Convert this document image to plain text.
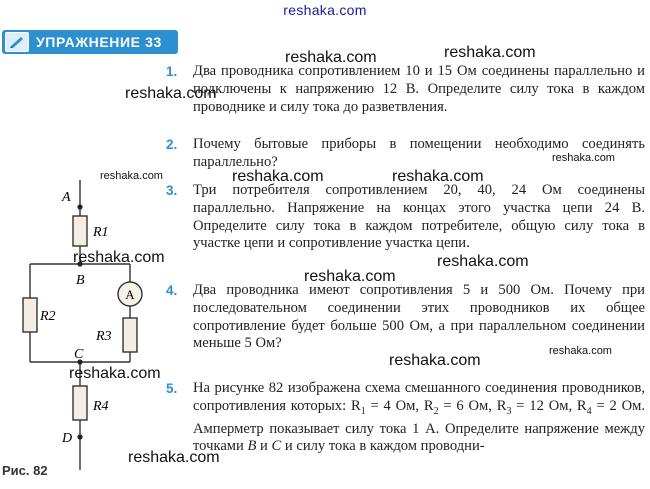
reshaka.com
УПРАЖНЕНИЕ 33
1. Два проводника сопротивлением 10 и 15 Ом соединены параллельно и подключены к напряжению 12 В. Определите силу тока в каждом проводнике и силу тока до разветвления.
2. Почему бытовые приборы в помещении необходимо соединять параллельно?
3. Три потребителя сопротивлением 20, 40, 24 Ом соединены параллельно. Напряжение на концах этого участка цепи 24 В. Определите силу тока в каждом потребителе, общую силу тока в участке цепи и сопротивление участка цепи.
4. Два проводника имеют сопротивления 5 и 500 Ом. Почему при последовательном соединении этих проводников их общее сопротивление будет больше 500 Ом, а при параллельном соединении меньше 5 Ом?
5. На рисунке 82 изображена схема смешанного соединения проводников, сопротивления которых: $R_1 = 4$ Ом, $R_2 = 6$ Ом, $R_3 = 12$ Ом, $R_4 = 2$ Ом. Амперметр показывает силу тока 1 А. Определите напряжение между точками B и C и силу тока в каждом проводни-
A
A
B
C
D
R1
R2
R3
R4
Рис. 82
reshaka.com	reshaka.com
reshaka.com
reshaka.com
reshaka.com	reshaka.com	reshaka.com
reshaka.com	reshaka.com
reshaka.com
reshaka.com
reshaka.com
reshaka.com
reshaka.com
